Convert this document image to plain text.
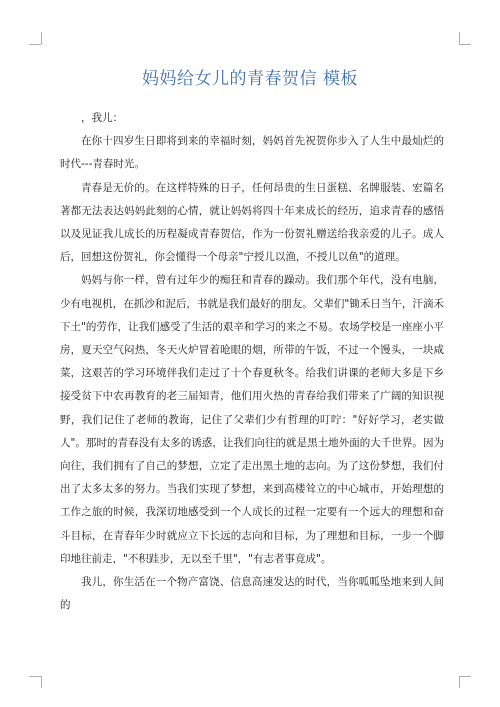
妈妈给女儿的青春贺信 模板

，我儿：

在你十四岁生日即将到来的幸福时刻，妈妈首先祝贺你步入了人生中最灿烂的时代---青春时光。

青春是无价的。在这样特殊的日子，任何昂贵的生日蛋糕、名牌服装、宏篇名著都无法表达妈妈此刻的心情，就让妈妈将四十年来成长的经历，追求青春的感悟以及见证我儿成长的历程凝成青春贺信，作为一份贺礼赠送给我亲爱的儿子。成人后，回想这份贺礼，你会懂得一个母亲"宁授儿以渔，不授儿以鱼"的道理。

妈妈与你一样，曾有过年少的痴狂和青春的躁动。我们那个年代，没有电脑，少有电视机，在抓沙和泥后，书就是我们最好的朋友。父辈们"锄禾日当午，汗滴禾下土"的劳作，让我们感受了生活的艰辛和学习的来之不易。农场学校是一座座小平房，夏天空气闷热，冬天火炉冒着呛眼的烟，所带的午饭，不过一个馒头，一块咸菜，这艰苦的学习环境伴我们走过了十个春夏秋冬。给我们讲课的老师大多是下乡接受贫下中农再教育的老三届知青，他们用火热的青春给我们带来了广阔的知识视野，我们记住了老师的教诲，记住了父辈们少有哲理的叮咛："好好学习，老实做人"。那时的青春没有太多的诱惑，让我们向往的就是黑土地外面的大千世界。因为向往，我们拥有了自己的梦想，立定了走出黑土地的志向。为了这份梦想，我们付出了太多太多的努力。当我们实现了梦想，来到高楼耸立的中心城市，开始理想的工作之旅的时候，我深切地感受到一个人成长的过程一定要有一个远大的理想和奋斗目标，在青春年少时就应立下长远的志向和目标，为了理想和目标，一步一个脚印地往前走，"不积跬步，无以至千里"，"有志者事竟成"。

我儿，你生活在一个物产富饶、信息高速发达的时代，当你呱呱坠地来到人间的
